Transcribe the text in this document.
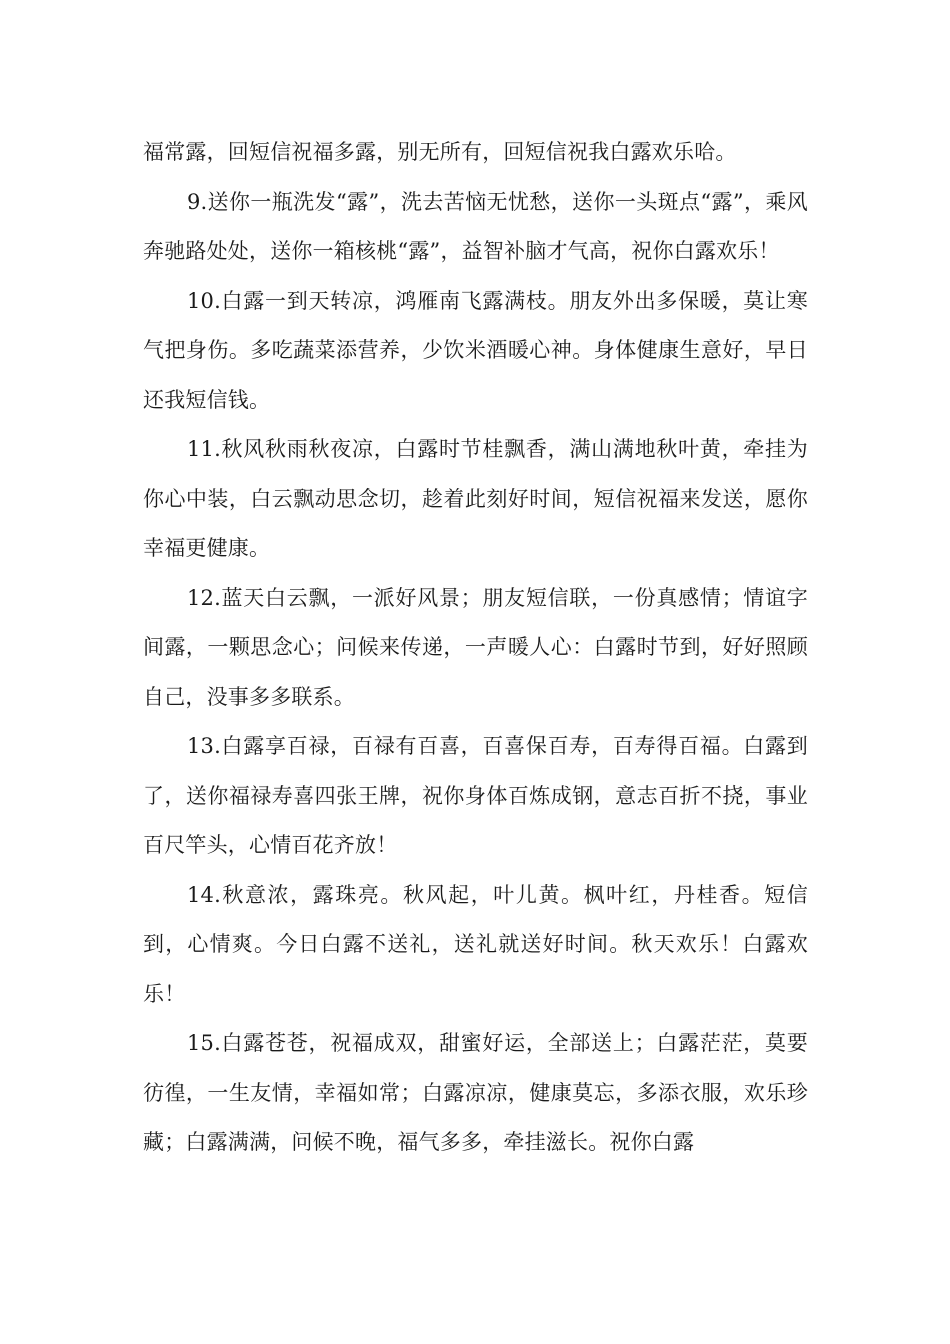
福常露，回短信祝福多露，别无所有，回短信祝我白露欢乐哈。

9.送你一瓶洗发“露”，洗去苦恼无忧愁，送你一头斑点“露”，乘风奔驰路处处，送你一箱核桃“露”，益智补脑才气高，祝你白露欢乐！

10.白露一到天转凉，鸿雁南飞露满枝。朋友外出多保暖，莫让寒气把身伤。多吃蔬菜添营养，少饮米酒暖心神。身体健康生意好，早日还我短信钱。

11.秋风秋雨秋夜凉，白露时节桂飘香，满山满地秋叶黄，牵挂为你心中装，白云飘动思念切，趁着此刻好时间，短信祝福来发送，愿你幸福更健康。

12.蓝天白云飘，一派好风景；朋友短信联，一份真感情；情谊字间露，一颗思念心；问候来传递，一声暖人心：白露时节到，好好照顾自己，没事多多联系。

13.白露享百禄，百禄有百喜，百喜保百寿，百寿得百福。白露到了，送你福禄寿喜四张王牌，祝你身体百炼成钢，意志百折不挠，事业百尺竿头，心情百花齐放！

14.秋意浓，露珠亮。秋风起，叶儿黄。枫叶红，丹桂香。短信到，心情爽。今日白露不送礼，送礼就送好时间。秋天欢乐！白露欢乐！

15.白露苍苍，祝福成双，甜蜜好运，全部送上；白露茫茫，莫要彷徨，一生友情，幸福如常；白露凉凉，健康莫忘，多添衣服，欢乐珍藏；白露满满，问候不晚，福气多多，牵挂滋长。祝你白露
